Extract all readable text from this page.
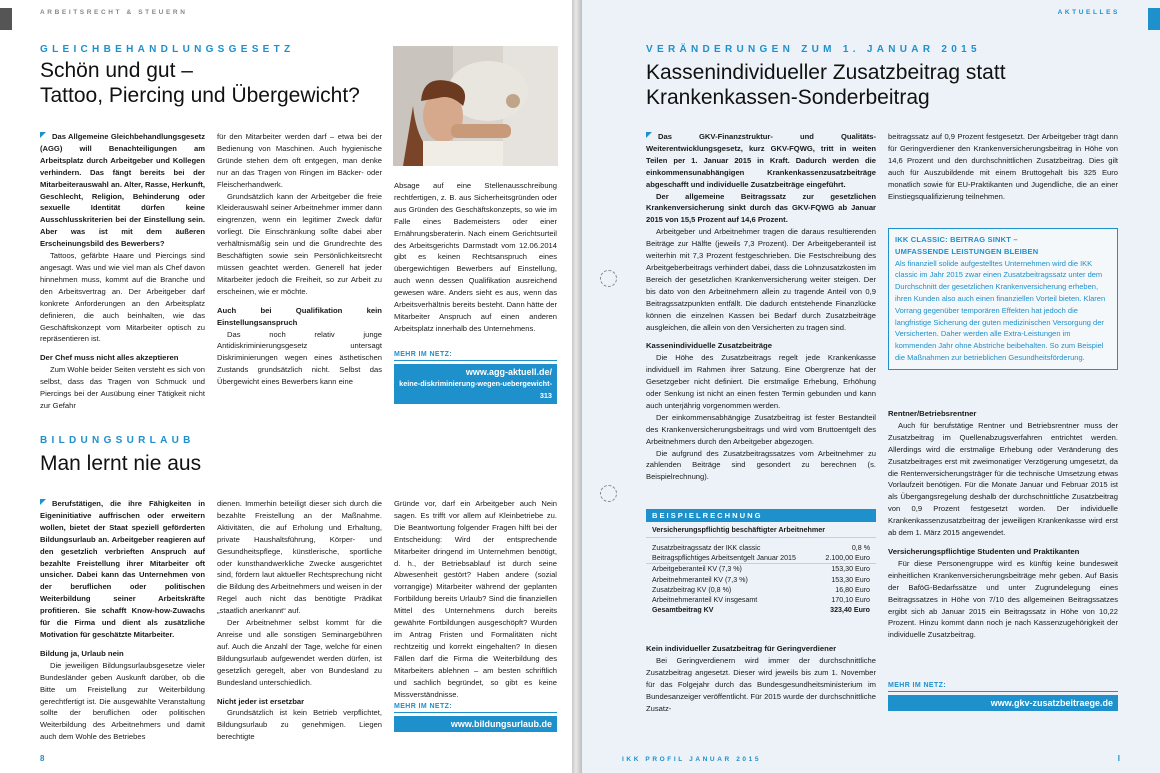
ARBEITSRECHT & STEUERN
GLEICHBEHANDLUNGSGESETZ
Schön und gut –
Tattoo, Piercing und Übergewicht?

Das Allgemeine Gleichbehandlungsgesetz (AGG) will Benachteiligungen am Arbeitsplatz durch Arbeitgeber und Kollegen verhindern. Das fängt bereits bei der Mitarbeiterauswahl an. Alter, Rasse, Herkunft, Geschlecht, Religion, Behinderung oder sexuelle Identität dürfen keine Ausschlusskriterien bei der Einstellung sein. Aber was ist mit dem äußeren Erscheinungsbild des Bewerbers?

Tattoos, gefärbte Haare und Piercings sind angesagt. Was und wie viel man als Chef davon hinnehmen muss, kommt auf die Branche und den Arbeitsvertrag an. Der Arbeitgeber darf konkrete Anforderungen an den Arbeitsplatz definieren, die auch beinhalten, wie das Geschäftskonzept vom Mitarbeiter optisch zu repräsentieren ist.

Der Chef muss nicht alles akzeptieren

Zum Wohle beider Seiten versteht es sich von selbst, dass das Tragen von Schmuck und Piercings bei der Ausübung einer Tätigkeit nicht zur Gefahr

für den Mitarbeiter werden darf – etwa bei der Bedienung von Maschinen. Auch hygienische Gründe stehen dem oft entgegen, man denke nur an das Tragen von Ringen im Bäcker- oder Fleischerhandwerk.

Grundsätzlich kann der Arbeitgeber die freie Kleiderauswahl seiner Arbeitnehmer immer dann eingrenzen, wenn ein legitimer Zweck dafür vorliegt. Die Einschränkung sollte dabei aber verhältnismäßig sein und die Grundrechte des Beschäftigten sowie sein Persönlichkeitsrecht müssen geachtet werden. Generell hat jeder Mitarbeiter jedoch die Freiheit, so zur Arbeit zu erscheinen, wie er möchte.

Auch bei Qualifikation kein Einstellungsanspruch

Das noch relativ junge Antidiskriminierungsgesetz untersagt Diskriminierungen wegen eines ästhetischen Zustands grundsätzlich nicht. Selbst das Übergewicht eines Bewerbers kann eine

Absage auf eine Stellenausschreibung rechtfertigen, z. B. aus Sicherheitsgründen oder aus Gründen des Geschäftskonzepts, so wie im Falle eines Bademeisters oder einer Ernährungsberaterin. Nach einem Gerichtsurteil des Arbeitsgerichts Darmstadt vom 12.06.2014 gibt es keinen Rechtsanspruch eines übergewichtigen Bewerbers auf Einstellung, auch wenn dessen Qualifikation ausreichend gewesen wäre. Anders sieht es aus, wenn das Arbeitsverhältnis bereits besteht. Dann hätte der Mitarbeiter Anspruch auf einen anderen Arbeitsplatz innerhalb des Unternehmens.

MEHR IM NETZ:
www.agg-aktuell.de/
keine-diskriminierung-wegen-uebergewicht-313
BILDUNGSURLAUB
Man lernt nie aus

Berufstätigen, die ihre Fähigkeiten in Eigeninitiative auffrischen oder erweitern wollen, bietet der Staat speziell geförderten Bildungsurlaub an. Arbeitgeber reagieren auf den gesetzlich verbrieften Anspruch auf bezahlte Freistellung ihrer Mitarbeiter oft unsicher. Dabei kann das Unternehmen von der beruflichen oder politischen Weiterbildung seiner Arbeitskräfte profitieren. Sie schafft Know-how-Zuwachs für die Firma und dient als zusätzliche Motivation für geschätzte Mitarbeiter.

Bildung ja, Urlaub nein

Die jeweiligen Bildungsurlaubsgesetze vieler Bundesländer geben Auskunft darüber, ob die Bitte um Freistellung zur Weiterbildung gerechtfertigt ist. Die ausgewählte Veranstaltung sollte der beruflichen oder politischen Weiterbildung des Arbeitnehmers und damit auch dem Wohle des Betriebes

dienen. Immerhin beteiligt dieser sich durch die bezahlte Freistellung an der Maßnahme. Aktivitäten, die auf Erholung und Erhaltung, private Haushaltsführung, Körper- und Gesundheitspflege, künstlerische, sportliche oder kunsthandwerkliche Zwecke ausgerichtet sind, fördern laut aktueller Rechtsprechung nicht die Bildung des Arbeitnehmers und weisen in der Regel auch nicht das benötigte Prädikat „staatlich anerkannt“ auf.

Der Arbeitnehmer selbst kommt für die Anreise und alle sonstigen Seminargebühren auf. Auch die Anzahl der Tage, welche für einen Bildungsurlaub aufgewendet werden dürfen, ist gesetzlich geregelt, aber von Bundesland zu Bundesland unterschiedlich.

Nicht jeder ist ersetzbar

Grundsätzlich ist kein Betrieb verpflichtet, Bildungsurlaub zu genehmigen. Liegen berechtigte

Gründe vor, darf ein Arbeitgeber auch Nein sagen. Es trifft vor allem auf Kleinbetriebe zu. Die Beantwortung folgender Fragen hilft bei der Entscheidung: Wird der entsprechende Mitarbeiter dringend im Unternehmen benötigt, d. h., der Betriebsablauf ist durch seine Abwesenheit gestört? Haben andere (sozial vorrangige) Mitarbeiter während der geplanten Fortbildung bereits Urlaub? Sind die finanziellen Mittel des Unternehmens durch bereits gewährte Fortbildungen ausgeschöpft? Wurden im Antrag Fristen und Formalitäten nicht rechtzeitig und korrekt eingehalten? In diesen Fällen darf die Firma die Weiterbildung des Mitarbeiters ablehnen – am besten schriftlich und sachlich begründet, so gibt es keine Missverständnisse.

MEHR IM NETZ:
www.bildungsurlaub.de
8
AKTUELLES
VERÄNDERUNGEN ZUM 1. JANUAR 2015
Kassenindividueller Zusatzbeitrag statt
Krankenkassen-Sonderbeitrag

Das GKV-Finanzstruktur- und Qualitäts-Weiterentwicklungsgesetz, kurz GKV-FQWG, tritt in weiten Teilen per 1. Januar 2015 in Kraft. Dadurch werden die einkommensunabhängigen Krankenkassenzusatzbeiträge abgeschafft und individuelle Zusatzbeiträge eingeführt.

Der allgemeine Beitragssatz zur gesetzlichen Krankenversicherung sinkt durch das GKV-FQWG ab Januar 2015 von 15,5 Prozent auf 14,6 Prozent.

Arbeitgeber und Arbeitnehmer tragen die daraus resultierenden Beiträge zur Hälfte (jeweils 7,3 Prozent). Der Arbeitgeberanteil ist weiterhin mit 7,3 Prozent festgeschrieben. Die Festschreibung des Arbeitgeberbeitrags verhindert dabei, dass die Lohnzusatzkosten im Bereich der gesetzlichen Krankenversicherung weiter steigen. Der bis dato von den Arbeitnehmern allein zu tragende Anteil von 0,9 Beitragssatzpunkten entfällt. Die dadurch entstehende Finanzlücke können die einzelnen Kassen bei Bedarf durch Zusatzbeiträge ausgleichen, die allein von den Versicherten zu tragen sind.

Kassenindividuelle Zusatzbeiträge

Die Höhe des Zusatzbeitrags regelt jede Krankenkasse individuell im Rahmen ihrer Satzung. Eine Obergrenze hat der Gesetzgeber nicht definiert. Die erstmalige Erhebung, Erhöhung oder Senkung ist nicht an einen festen Termin gebunden und kann auch unterjährig vorgenommen werden.

Der einkommensabhängige Zusatzbeitrag ist fester Bestandteil des Krankenversicherungsbeitrags und wird vom Bruttoentgelt des Arbeitnehmers durch den Arbeitgeber abgezogen.

Die aufgrund des Zusatzbeitragssatzes vom Arbeitnehmer zu zahlenden Beiträge sind gesondert zu berechnen (s. Beispielrechnung).

BEISPIELRECHNUNG
Versicherungspflichtig beschäftigter Arbeitnehmer
Zusatzbeitragssatz der IKK classic	0,8 %
Beitragspflichtiges Arbeitsentgelt Januar 2015	2.100,00 Euro
Arbeitgeberanteil KV (7,3 %)	153,30 Euro
Arbeitnehmeranteil KV (7,3 %)	153,30 Euro
Zusatzbeitrag KV (0,8 %)	16,80 Euro
Arbeitnehmeranteil KV insgesamt	170,10 Euro
Gesamtbeitrag KV	323,40 Euro
Kein individueller Zusatzbeitrag für Geringverdiener

Bei Geringverdienern wird immer der durchschnittliche Zusatzbeitrag angesetzt. Dieser wird jeweils bis zum 1. November für das Folgejahr durch das Bundesgesundheitsministerium im Bundesanzeiger veröffentlicht. Für 2015 wurde der durchschnittliche Zusatz-

beitragssatz auf 0,9 Prozent festgesetzt. Der Arbeitgeber trägt dann für Geringverdiener den Krankenversicherungsbeitrag in Höhe von 14,6 Prozent und den durchschnittlichen Zusatzbeitrag. Dies gilt auch für Auszubildende mit einem Bruttogehalt bis 325 Euro monatlich sowie für EU-Praktikanten und Jugendliche, die an einer Einstiegsqualifizierung teilnehmen.

IKK CLASSIC: BEITRAG SINKT –
UMFASSENDE LEISTUNGEN BLEIBEN
Als finanziell solide aufgestelltes Unternehmen wird die IKK classic im Jahr 2015 zwar einen Zusatzbeitragssatz unter dem Durchschnitt der gesetzlichen Krankenversicherung erheben, ihren Kunden also auch einen finanziellen Vorteil bieten. Klaren Vorrang gegenüber temporären Effekten hat jedoch die langfristige Sicherung der guten medizinischen Versorgung der Versicherten. Daher werden alle Extra-Leistungen im kommenden Jahr ohne Abstriche beibehalten. So zum Beispiel die Maßnahmen zur betrieblichen Gesundheitsförderung.
Rentner/Betriebsrentner

Auch für berufstätige Rentner und Betriebsrentner muss der Zusatzbeitrag im Quellenabzugsverfahren entrichtet werden. Allerdings wird die erstmalige Erhebung oder Veränderung des Zusatzbeitrages erst mit zweimonatiger Verzögerung umgesetzt, da die Rentenversicherungsträger für die technische Umsetzung etwas Vorlaufzeit benötigen. Für die Monate Januar und Februar 2015 ist als Übergangsregelung deshalb der durchschnittliche Zusatzbeitrag von 0,9 Prozent festgesetzt worden. Der individuelle Krankenkassenzusatzbeitrag der jeweiligen Krankenkasse wird erst ab dem 1. März 2015 angewendet.

Versicherungspflichtige Studenten und Praktikanten

Für diese Personengruppe wird es künftig keine bundesweit einheitlichen Krankenversicherungsbeiträge mehr geben. Auf Basis der BaföG-Bedarfssätze und unter Zugrundelegung eines Beitragssatzes in Höhe von 7/10 des allgemeinen Beitragssatzes ergibt sich ab Januar 2015 ein Beitragssatz in Höhe von 10,22 Prozent. Hinzu kommt dann noch je nach Kassenzugehörigkeit der individuelle Zusatzbeitrag.

MEHR IM NETZ:
www.gkv-zusatzbeitraege.de
IKK PROFIL JANUAR 2015	I
